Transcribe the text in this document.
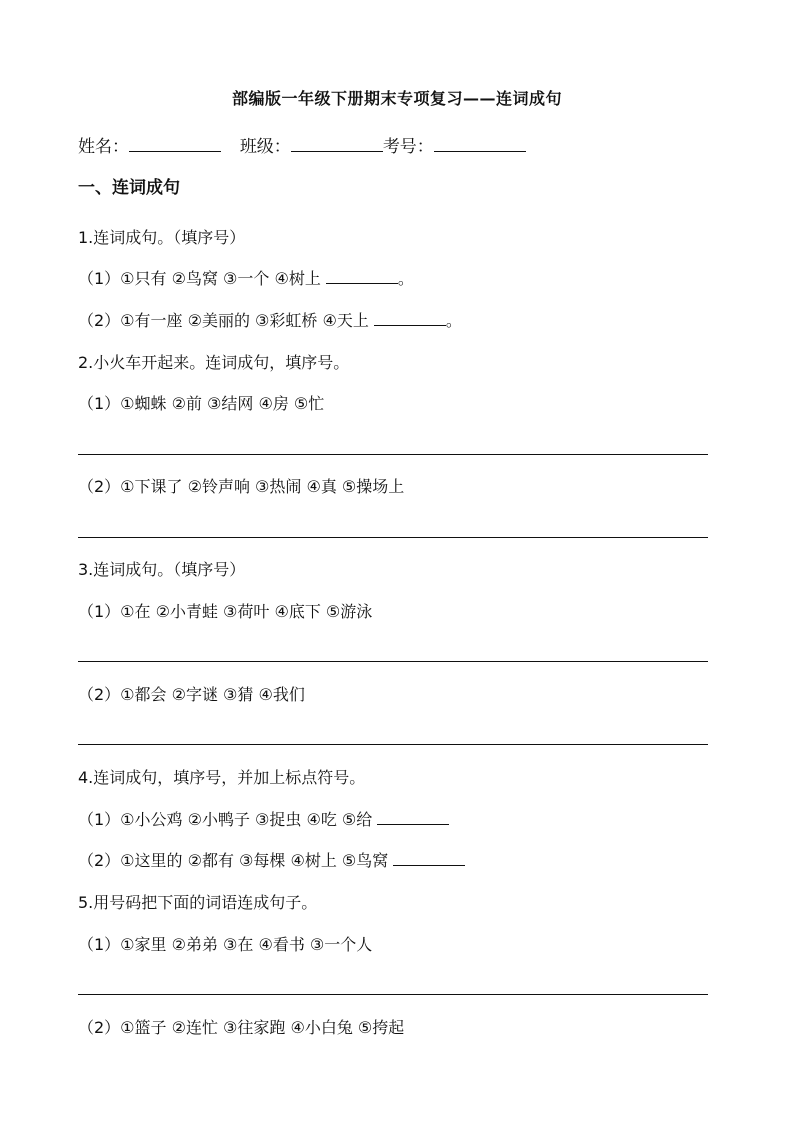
部编版一年级下册期末专项复习——连词成句
姓名：	班级：	考号：
一、连词成句
1.连词成句。（填序号）
（1）①只有 ②鸟窝 ③一个 ④树上	。
（2）①有一座 ②美丽的 ③彩虹桥 ④天上	。
2.小火车开起来。连词成句，填序号。
（1）①蜘蛛 ②前 ③结网 ④房 ⑤忙
（2）①下课了 ②铃声响 ③热闹 ④真 ⑤操场上
3.连词成句。（填序号）
（1）①在 ②小青蛙 ③荷叶 ④底下 ⑤游泳
（2）①都会 ②字谜 ③猜 ④我们
4.连词成句，填序号，并加上标点符号。
（1）①小公鸡 ②小鸭子 ③捉虫 ④吃 ⑤给
（2）①这里的 ②都有 ③每棵 ④树上 ⑤鸟窝
5.用号码把下面的词语连成句子。
（1）①家里 ②弟弟 ③在 ④看书 ③一个人
（2）①篮子 ②连忙 ③往家跑 ④小白兔 ⑤挎起
